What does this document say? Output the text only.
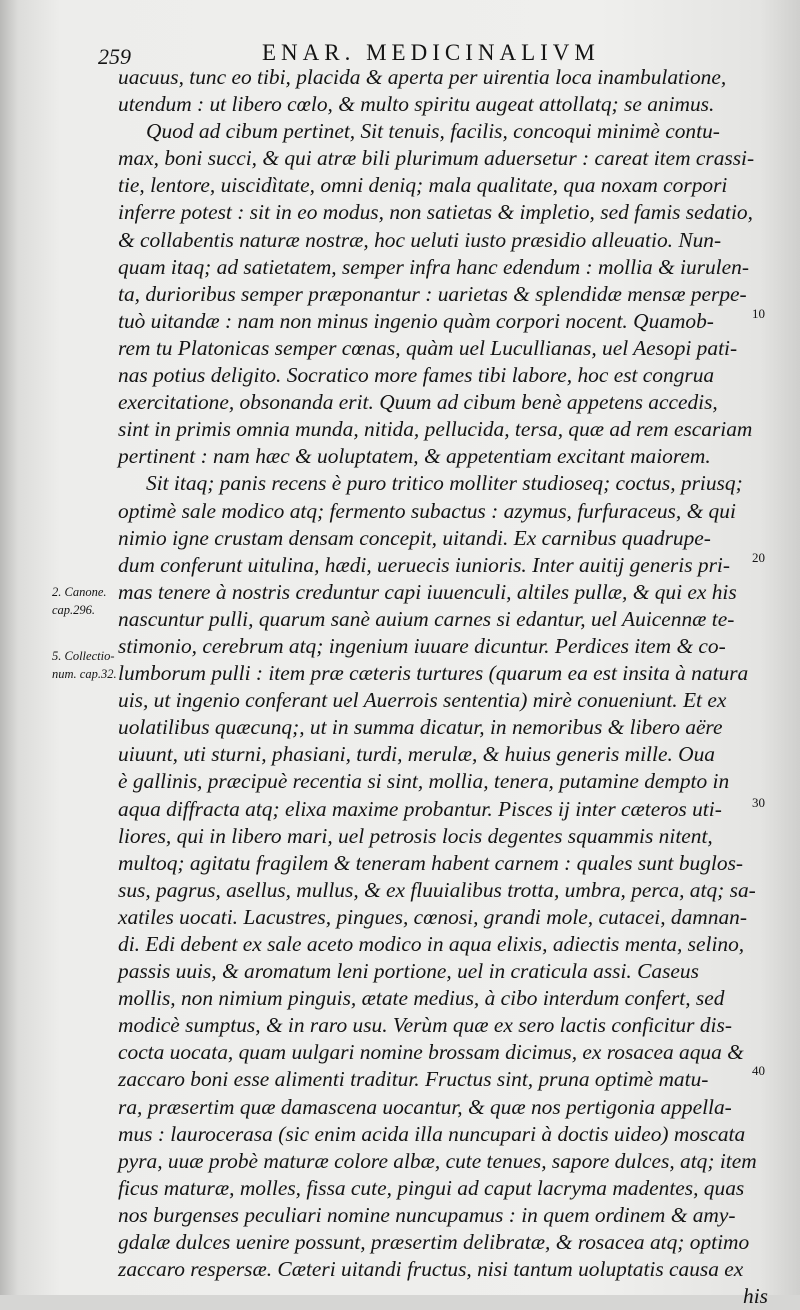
259	ENAR. MEDICINALIVM
uacuus, tunc eo tibi, placida & aperta per uirentia loca inambulatione,
utendum : ut libero cœlo, & multo spiritu augeat attollatq; se animus.
Quod ad cibum pertinet, Sit tenuis, facilis, concoqui minimè contu-
max, boni succi, & qui atræ bili plurimum aduersetur : careat item crassi-
tie, lentore, uiscidìtate, omni deniq; mala qualitate, qua noxam corpori
inferre potest : sit in eo modus, non satietas & impletio, sed famis sedatio,
& collabentis naturæ nostræ, hoc ueluti iusto præsidio alleuatio. Nun-
quam itaq; ad satietatem, semper infra hanc edendum : mollia & iurulen-
ta, durioribus semper præponantur : uarietas & splendidæ mensæ perpe-
tuò uitandæ : nam non minus ingenio quàm corpori nocent. Quamob-
rem tu Platonicas semper cœnas, quàm uel Lucullianas, uel Aesopi pati-
nas potius deligito. Socratico more fames tibi labore, hoc est congrua
exercitatione, obsonanda erit. Quum ad cibum benè appetens accedis,
sint in primis omnia munda, nitida, pellucida, tersa, quæ ad rem escariam
pertinent : nam hæc & uoluptatem, & appetentiam excitant maiorem.
Sit itaq; panis recens è puro tritico molliter studioseq; coctus, priusq;
optimè sale modico atq; fermento subactus : azymus, furfuraceus, & qui
nimio igne crustam densam concepit, uitandi. Ex carnibus quadrupe-
dum conferunt uitulina, hædi, ueruecis iunioris. Inter auitij generis pri-
mas tenere à nostris creduntur capi iuuenculi, altiles pullæ, & qui ex his
nascuntur pulli, quarum sanè auium carnes si edantur, uel Auicennæ te-
stimonio, cerebrum atq; ingenium iuuare dicuntur. Perdices item & co-
lumborum pulli : item præ cæteris turtures (quarum ea est insita à natura
uis, ut ingenio conferant uel Auerrois sententia) mirè conueniunt. Et ex
uolatilibus quæcunq;, ut in summa dicatur, in nemoribus & libero aëre
uiuunt, uti sturni, phasiani, turdi, merulæ, & huius generis mille. Oua
è gallinis, præcipuè recentia si sint, mollia, tenera, putamine dempto in
aqua diffracta atq; elixa maxime probantur. Pisces ij inter cæteros uti-
liores, qui in libero mari, uel petrosis locis degentes squammis nitent,
multoq; agitatu fragilem & teneram habent carnem : quales sunt buglos-
sus, pagrus, asellus, mullus, & ex fluuialibus trotta, umbra, perca, atq; sa-
xatiles uocati. Lacustres, pingues, cœnosi, grandi mole, cutacei, damnan-
di. Edi debent ex sale aceto modico in aqua elixis, adiectis menta, selino,
passis uuis, & aromatum leni portione, uel in craticula assi. Caseus
mollis, non nimium pinguis, ætate medius, à cibo interdum confert, sed
modicè sumptus, & in raro usu. Verùm quæ ex sero lactis conficitur dis-
cocta uocata, quam uulgari nomine brossam dicimus, ex rosacea aqua &
zaccaro boni esse alimenti traditur. Fructus sint, pruna optimè matu-
ra, præsertim quæ damascena uocantur, & quæ nos pertigonia appella-
mus : laurocerasa (sic enim acida illa nuncupari à doctis uideo) moscata
pyra, uuæ probè maturæ colore albæ, cute tenues, sapore dulces, atq; item
ficus maturæ, molles, fissa cute, pingui ad caput lacryma madentes, quas
nos burgenses peculiari nomine nuncupamus : in quem ordinem & amy-
gdalæ dulces uenire possunt, præsertim delibratæ, & rosacea atq; optimo
zaccaro respersæ. Cæteri uitandi fructus, nisi tantum uoluptatis causa ex
his
2. Canone.
cap.296.
5. Collectio-
num. cap.32.
10
20
30
40
